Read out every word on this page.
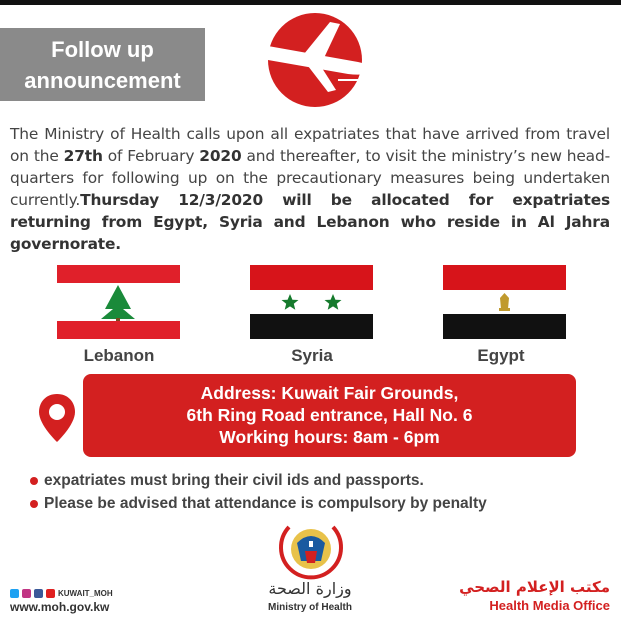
Follow up
announcement
The Ministry of Health calls upon all expatriates that have arrived from travel on the 27th of February 2020 and thereafter, to visit the ministry’s new head-quarters for following up on the precautionary measures being undertaken currently.Thursday 12/3/2020 will be allocated for expatriates returning from Egypt, Syria and Lebanon who reside in Al Jahra governorate.
Lebanon	Syria	Egypt
Address: Kuwait Fair Grounds,
6th Ring Road entrance, Hall No. 6
Working hours: 8am - 6pm
expatriates must bring their civil ids and passports.
Please be advised that attendance is compulsory by penalty
وزارة الصحة
Ministry of Health
KUWAIT_MOH
www.moh.gov.kw
مكتب الإعلام الصحي
Health Media Office
